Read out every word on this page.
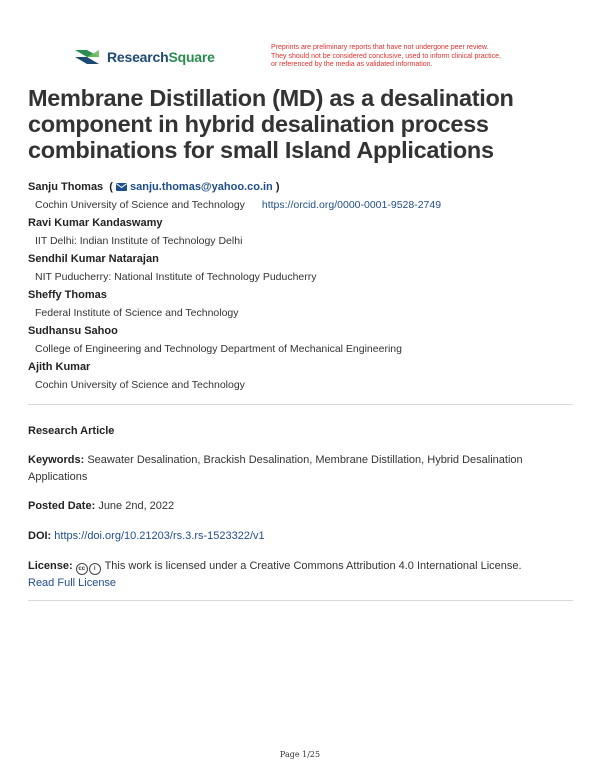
ResearchSquare
Preprints are preliminary reports that have not undergone peer review.
They should not be considered conclusive, used to inform clinical practice,
or referenced by the media as validated information.
Membrane Distillation (MD) as a desalination component in hybrid desalination process combinations for small Island Applications
Sanju Thomas  ( sanju.thomas@yahoo.co.in )
Cochin University of Science and Technology https://orcid.org/0000-0001-9528-2749
Ravi Kumar Kandaswamy
IIT Delhi: Indian Institute of Technology Delhi
Sendhil Kumar Natarajan
NIT Puducherry: National Institute of Technology Puducherry
Sheffy Thomas
Federal Institute of Science and Technology
Sudhansu Sahoo
College of Engineering and Technology Department of Mechanical Engineering
Ajith Kumar
Cochin University of Science and Technology
Research Article
Keywords: Seawater Desalination, Brackish Desalination, Membrane Distillation, Hybrid Desalination Applications
Posted Date: June 2nd, 2022
DOI: https://doi.org/10.21203/rs.3.rs-1523322/v1
License: cc i This work is licensed under a Creative Commons Attribution 4.0 International License.
Read Full License
Page 1/25
